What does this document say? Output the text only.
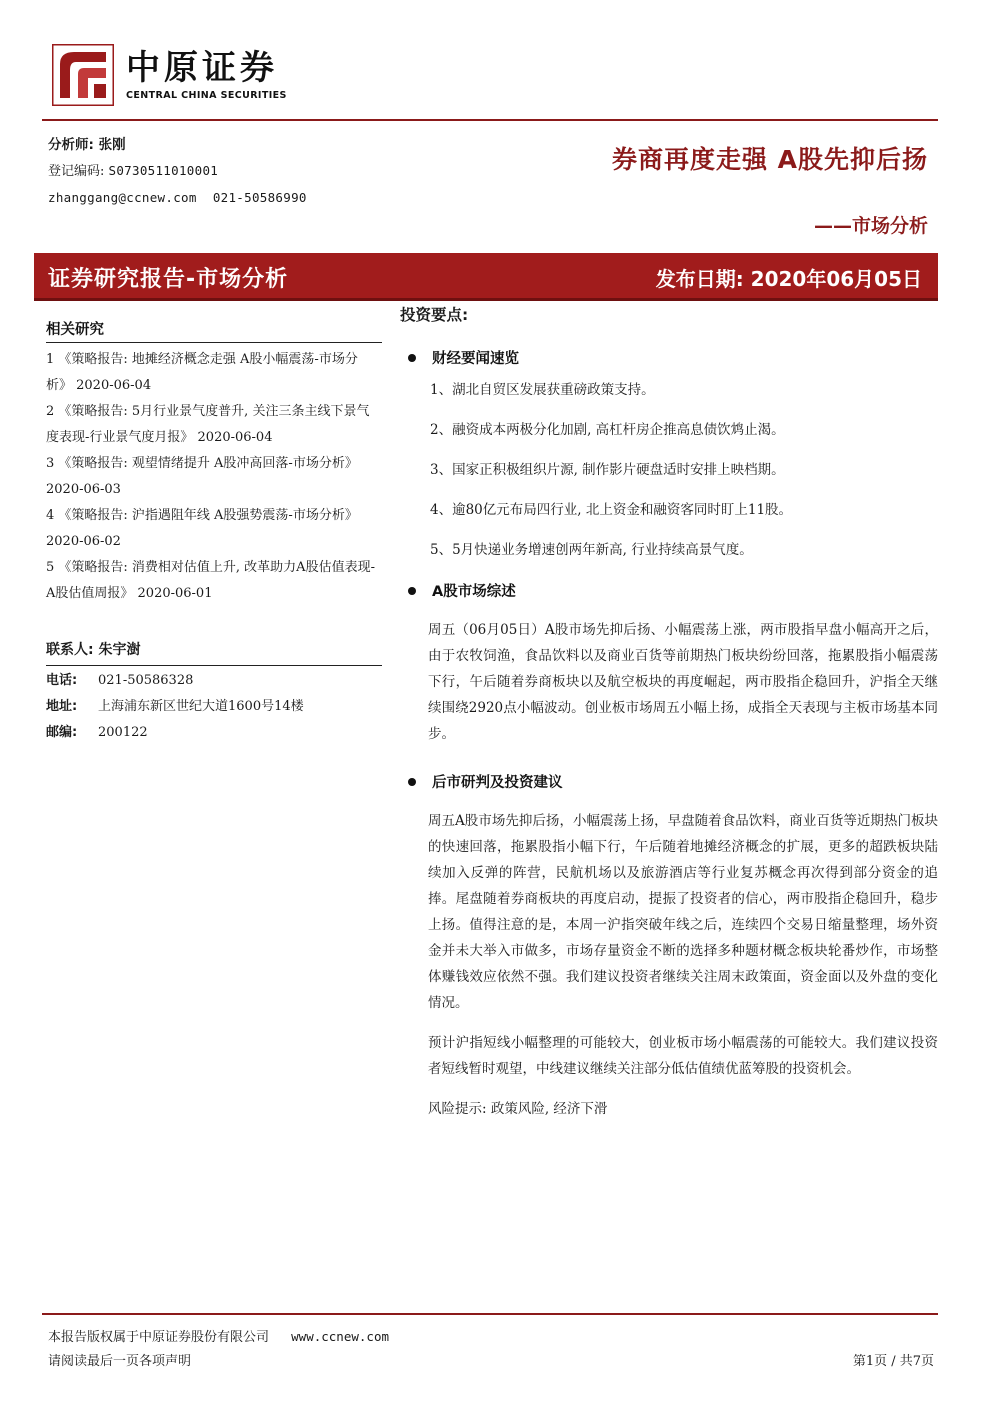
中原证券
CENTRAL CHINA SECURITIES
分析师: 张刚
登记编码: S0730511010001
zhanggang@ccnew.com 021-50586990
券商再度走强 A股先抑后扬
——市场分析
证券研究报告-市场分析	发布日期: 2020年06月05日
相关研究
1 《策略报告: 地摊经济概念走强 A股小幅震荡-市场分析》 2020-06-04
2 《策略报告: 5月行业景气度普升, 关注三条主线下景气度表现-行业景气度月报》 2020-06-04
3 《策略报告: 观望情绪提升 A股冲高回落-市场分析》 2020-06-03
4 《策略报告: 沪指遇阻年线 A股强势震荡-市场分析》 2020-06-02
5 《策略报告: 消费相对估值上升, 改革助力A股估值表现-A股估值周报》 2020-06-01
联系人: 朱宇澍
电话:	021-50586328
地址:	上海浦东新区世纪大道1600号14楼
邮编:	200122
投资要点:
财经要闻速览
1、湖北自贸区发展获重磅政策支持。
2、融资成本两极分化加剧, 高杠杆房企推高息债饮鸩止渴。
3、国家正积极组织片源, 制作影片硬盘适时安排上映档期。
4、逾80亿元布局四行业, 北上资金和融资客同时盯上11股。
5、5月快递业务增速创两年新高, 行业持续高景气度。
A股市场综述

周五（06月05日）A股市场先抑后扬、小幅震荡上涨，两市股指早盘小幅高开之后，由于农牧饲渔，食品饮料以及商业百货等前期热门板块纷纷回落，拖累股指小幅震荡下行，午后随着券商板块以及航空板块的再度崛起，两市股指企稳回升，沪指全天继续围绕2920点小幅波动。创业板市场周五小幅上扬，成指全天表现与主板市场基本同步。

后市研判及投资建议

周五A股市场先抑后扬，小幅震荡上扬，早盘随着食品饮料，商业百货等近期热门板块的快速回落，拖累股指小幅下行，午后随着地摊经济概念的扩展，更多的超跌板块陆续加入反弹的阵营，民航机场以及旅游酒店等行业复苏概念再次得到部分资金的追捧。尾盘随着券商板块的再度启动，提振了投资者的信心，两市股指企稳回升，稳步上扬。值得注意的是，本周一沪指突破年线之后，连续四个交易日缩量整理，场外资金并未大举入市做多，市场存量资金不断的选择多种题材概念板块轮番炒作，市场整体赚钱效应依然不强。我们建议投资者继续关注周末政策面，资金面以及外盘的变化情况。

预计沪指短线小幅整理的可能较大，创业板市场小幅震荡的可能较大。我们建议投资者短线暂时观望，中线建议继续关注部分低估值绩优蓝筹股的投资机会。

风险提示: 政策风险, 经济下滑

本报告版权属于中原证券股份有限公司 www.ccnew.com
请阅读最后一页各项声明	第1页 / 共7页
